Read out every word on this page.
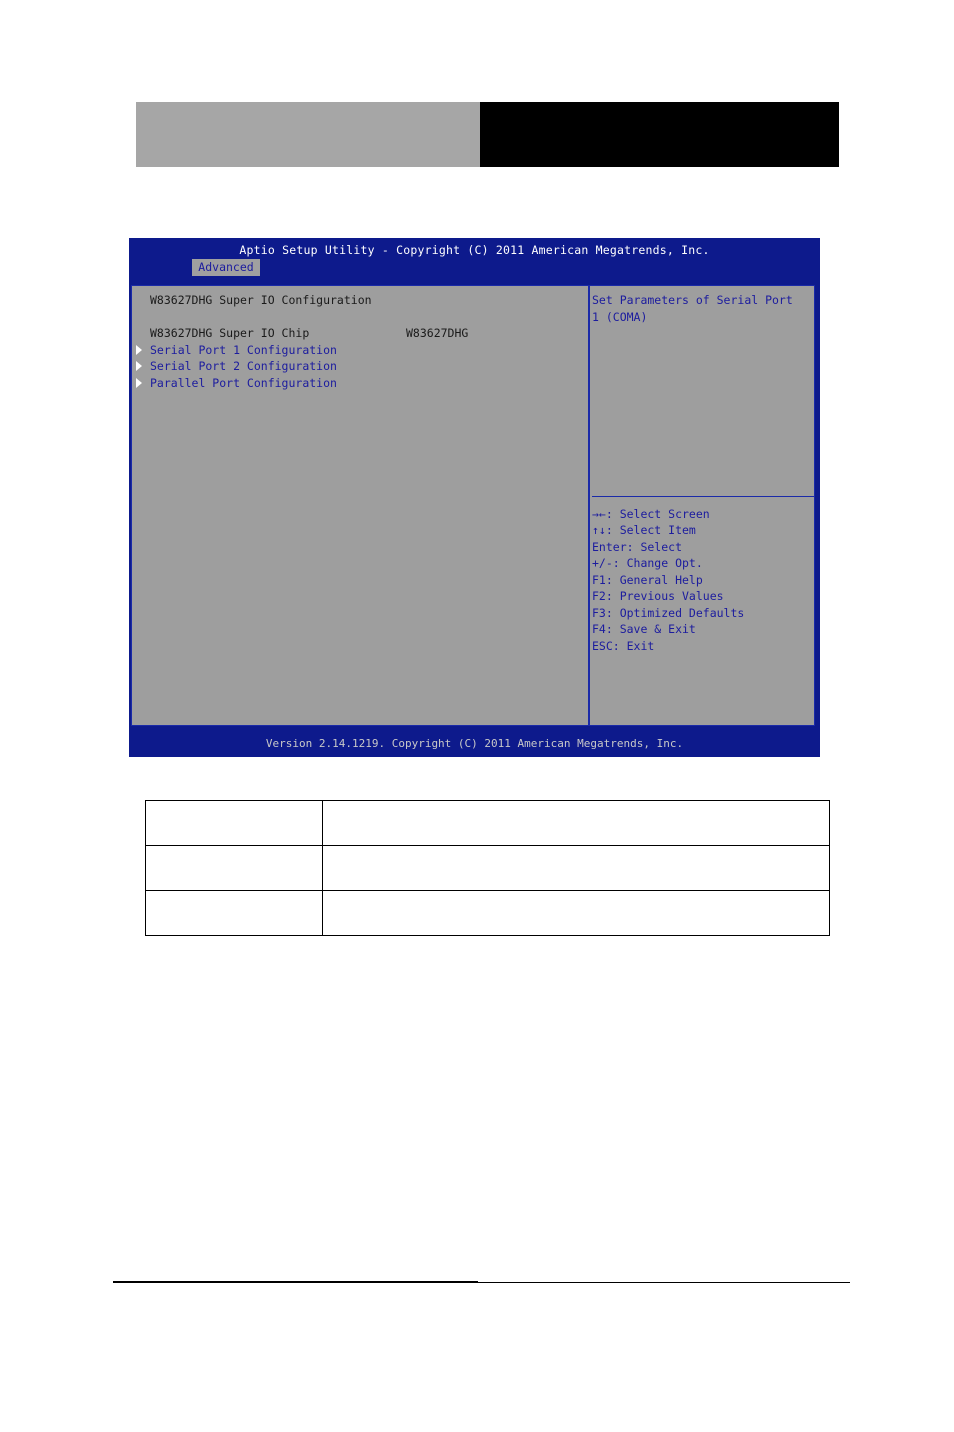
Aptio Setup Utility - Copyright (C) 2011 American Megatrends, Inc.
Advanced
W83627DHG Super IO Configuration
W83627DHG Super IO Chip	W83627DHG
Serial Port 1 Configuration
Serial Port 2 Configuration
Parallel Port Configuration
Set Parameters of Serial Port
1 (COMA)
→←: Select Screen
↑↓: Select Item
Enter: Select
+/-: Change Opt.
F1: General Help
F2: Previous Values
F3: Optimized Defaults
F4: Save & Exit
ESC: Exit
Version 2.14.1219. Copyright (C) 2011 American Megatrends, Inc.
